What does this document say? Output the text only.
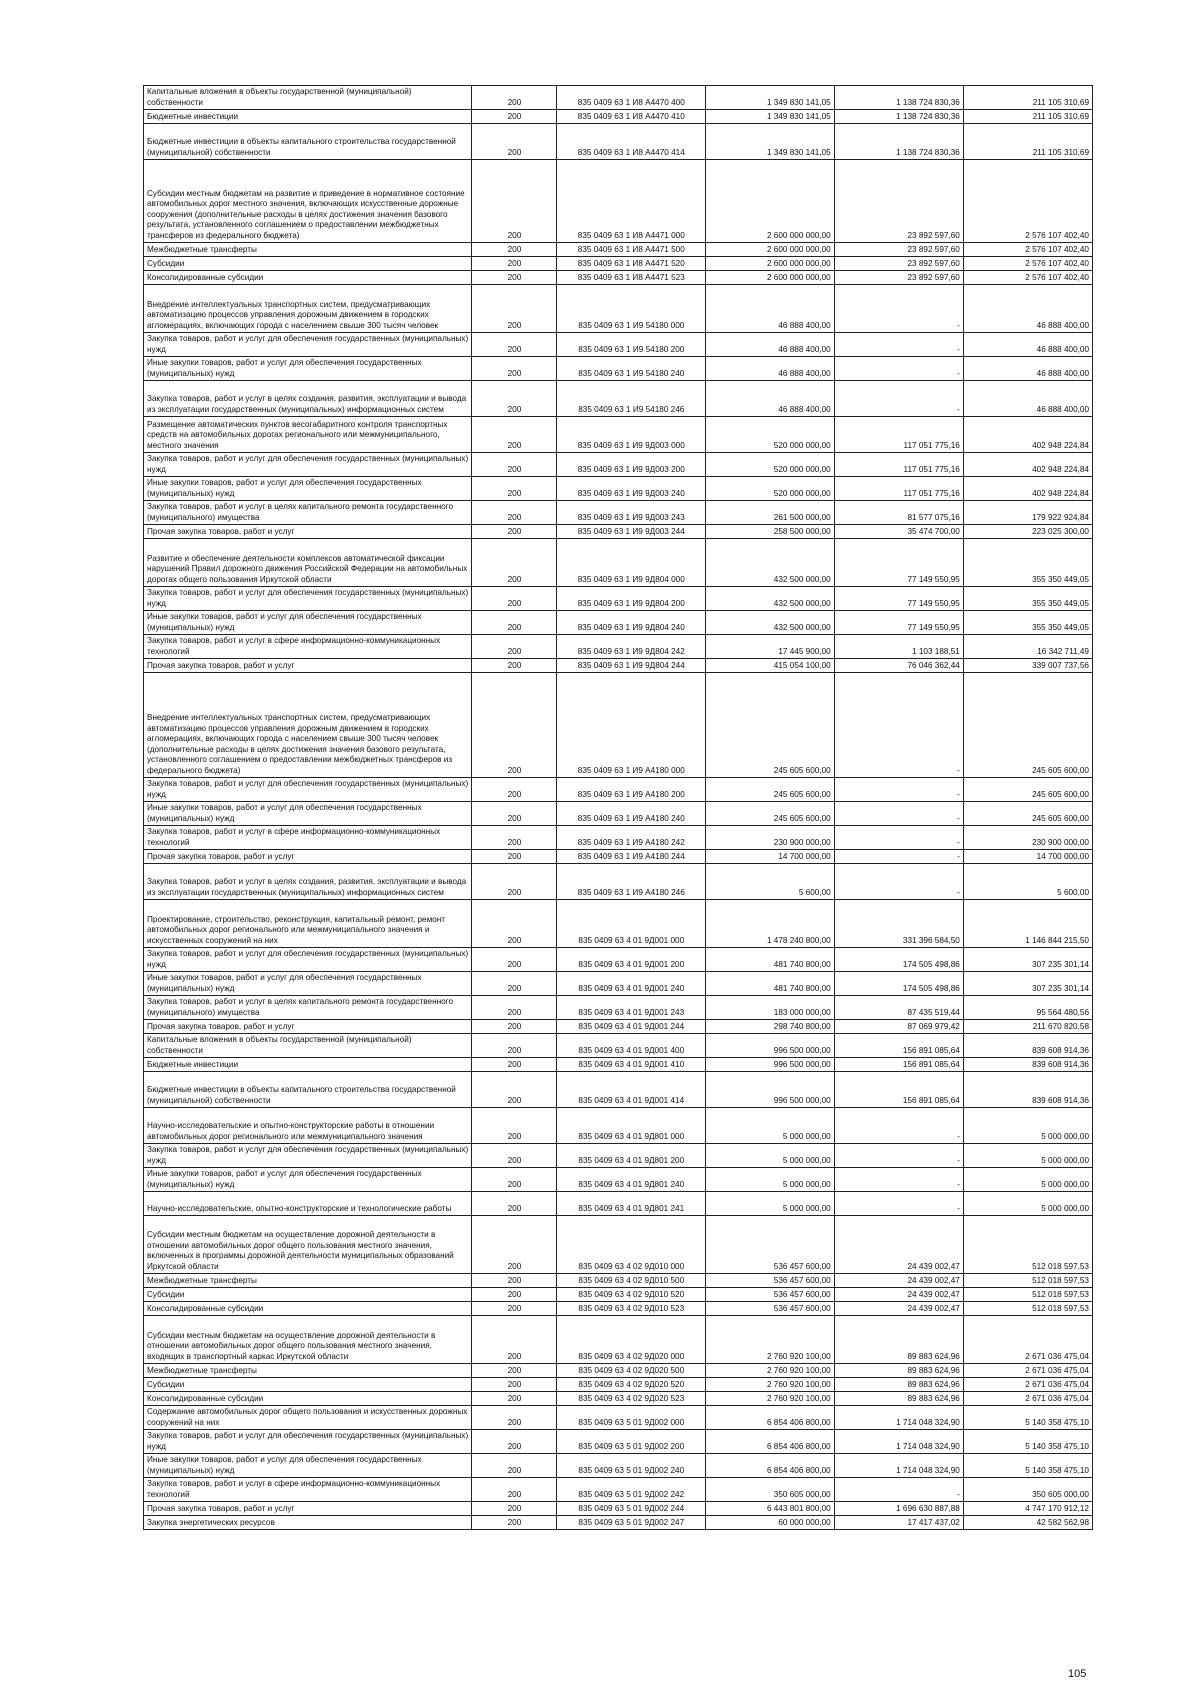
Капитальные вложения в объекты государственной (муниципальной) собственности	200	835 0409 63 1 И8 А4470 400	1 349 830 141,05	1 138 724 830,36	211 105 310,69
Бюджетные инвестиции	200	835 0409 63 1 И8 А4470 410	1 349 830 141,05	1 138 724 830,36	211 105 310,69
Бюджетные инвестиции в объекты капитального строительства государственной (муниципальной) собственности	200	835 0409 63 1 И8 А4470 414	1 349 830 141,05	1 138 724 830,36	211 105 310,69
Субсидии местным бюджетам на развитие и приведение в нормативное состояние автомобильных дорог местного значения, включающих искусственные дорожные сооружения (дополнительные расходы в целях достижения значения базового результата, установленного соглашением о предоставлении межбюджетных трансферов из федерального бюджета)	200	835 0409 63 1 И8 А4471 000	2 600 000 000,00	23 892 597,60	2 576 107 402,40
Межбюджетные трансферты	200	835 0409 63 1 И8 А4471 500	2 600 000 000,00	23 892 597,60	2 576 107 402,40
Субсидии	200	835 0409 63 1 И8 А4471 520	2 600 000 000,00	23 892 597,60	2 576 107 402,40
Консолидированные субсидии	200	835 0409 63 1 И8 А4471 523	2 600 000 000,00	23 892 597,60	2 576 107 402,40
Внедрение интеллектуальных транспортных систем, предусматривающих автоматизацию процессов управления дорожным движением в городских агломерациях, включающих города с населением свыше 300 тысяч человек	200	835 0409 63 1 И9 54180 000	46 888 400,00	-	46 888 400,00
Закупка товаров, работ и услуг для обеспечения государственных (муниципальных) нужд	200	835 0409 63 1 И9 54180 200	46 888 400,00	-	46 888 400,00
Иные закупки товаров, работ и услуг для обеспечения государственных (муниципальных) нужд	200	835 0409 63 1 И9 54180 240	46 888 400,00	-	46 888 400,00
Закупка товаров, работ и услуг в целях создания, развития, эксплуатации и вывода из эксплуатации государственных (муниципальных) информационных систем	200	835 0409 63 1 И9 54180 246	46 888 400,00	-	46 888 400,00
Размещение автоматических пунктов весогабаритного контроля транспортных средств на автомобильных дорогах регионального или межмуниципального, местного значения	200	835 0409 63 1 И9 9Д003 000	520 000 000,00	117 051 775,16	402 948 224,84
Закупка товаров, работ и услуг для обеспечения государственных (муниципальных) нужд	200	835 0409 63 1 И9 9Д003 200	520 000 000,00	117 051 775,16	402 948 224,84
Иные закупки товаров, работ и услуг для обеспечения государственных (муниципальных) нужд	200	835 0409 63 1 И9 9Д003 240	520 000 000,00	117 051 775,16	402 948 224,84
Закупка товаров, работ и услуг в целях капитального ремонта государственного (муниципального) имущества	200	835 0409 63 1 И9 9Д003 243	261 500 000,00	81 577 075,16	179 922 924,84
Прочая закупка товаров, работ и услуг	200	835 0409 63 1 И9 9Д003 244	258 500 000,00	35 474 700,00	223 025 300,00
Развитие и обеспечение деятельности комплексов автоматической фиксации нарушений Правил дорожного движения Российской Федерации на автомобильных дорогах общего пользования Иркутской области	200	835 0409 63 1 И9 9Д804 000	432 500 000,00	77 149 550,95	355 350 449,05
Закупка товаров, работ и услуг для обеспечения государственных (муниципальных) нужд	200	835 0409 63 1 И9 9Д804 200	432 500 000,00	77 149 550,95	355 350 449,05
Иные закупки товаров, работ и услуг для обеспечения государственных (муниципальных) нужд	200	835 0409 63 1 И9 9Д804 240	432 500 000,00	77 149 550,95	355 350 449,05
Закупка товаров, работ и услуг в сфере информационно-коммуникационных технологий	200	835 0409 63 1 И9 9Д804 242	17 445 900,00	1 103 188,51	16 342 711,49
Прочая закупка товаров, работ и услуг	200	835 0409 63 1 И9 9Д804 244	415 054 100,00	76 046 362,44	339 007 737,56
Внедрение интеллектуальных транспортных систем, предусматривающих автоматизацию процессов управления дорожным движением в городских агломерациях, включающих города с населением свыше 300 тысяч человек (дополнительные расходы в целях достижения значения базового результата, установленного соглашением о предоставлении межбюджетных трансферов из федерального бюджета)	200	835 0409 63 1 И9 А4180 000	245 605 600,00	-	245 605 600,00
Закупка товаров, работ и услуг для обеспечения государственных (муниципальных) нужд	200	835 0409 63 1 И9 А4180 200	245 605 600,00	-	245 605 600,00
Иные закупки товаров, работ и услуг для обеспечения государственных (муниципальных) нужд	200	835 0409 63 1 И9 А4180 240	245 605 600,00	-	245 605 600,00
Закупка товаров, работ и услуг в сфере информационно-коммуникационных технологий	200	835 0409 63 1 И9 А4180 242	230 900 000,00	-	230 900 000,00
Прочая закупка товаров, работ и услуг	200	835 0409 63 1 И9 А4180 244	14 700 000,00	-	14 700 000,00
Закупка товаров, работ и услуг в целях создания, развития, эксплуатации и вывода из эксплуатации государственных (муниципальных) информационных систем	200	835 0409 63 1 И9 А4180 246	5 600,00	-	5 600,00
Проектирование, строительство, реконструкция, капитальный ремонт, ремонт автомобильных дорог регионального или межмуниципального значения и искусственных сооружений на них	200	835 0409 63 4 01 9Д001 000	1 478 240 800,00	331 396 584,50	1 146 844 215,50
Закупка товаров, работ и услуг для обеспечения государственных (муниципальных) нужд	200	835 0409 63 4 01 9Д001 200	481 740 800,00	174 505 498,86	307 235 301,14
Иные закупки товаров, работ и услуг для обеспечения государственных (муниципальных) нужд	200	835 0409 63 4 01 9Д001 240	481 740 800,00	174 505 498,86	307 235 301,14
Закупка товаров, работ и услуг в целях капитального ремонта государственного (муниципального) имущества	200	835 0409 63 4 01 9Д001 243	183 000 000,00	87 435 519,44	95 564 480,56
Прочая закупка товаров, работ и услуг	200	835 0409 63 4 01 9Д001 244	298 740 800,00	87 069 979,42	211 670 820,58
Капитальные вложения в объекты государственной (муниципальной) собственности	200	835 0409 63 4 01 9Д001 400	996 500 000,00	156 891 085,64	839 608 914,36
Бюджетные инвестиции	200	835 0409 63 4 01 9Д001 410	996 500 000,00	156 891 085,64	839 608 914,36
Бюджетные инвестиции в объекты капитального строительства государственной (муниципальной) собственности	200	835 0409 63 4 01 9Д001 414	996 500 000,00	156 891 085,64	839 608 914,36
Научно-исследовательские и опытно-конструкторские работы в отношении автомобильных дорог регионального или межмуниципального значения	200	835 0409 63 4 01 9Д801 000	5 000 000,00	-	5 000 000,00
Закупка товаров, работ и услуг для обеспечения государственных (муниципальных) нужд	200	835 0409 63 4 01 9Д801 200	5 000 000,00	-	5 000 000,00
Иные закупки товаров, работ и услуг для обеспечения государственных (муниципальных) нужд	200	835 0409 63 4 01 9Д801 240	5 000 000,00	-	5 000 000,00
Научно-исследовательские, опытно-конструкторские и технологические работы	200	835 0409 63 4 01 9Д801 241	5 000 000,00	-	5 000 000,00
Субсидии местным бюджетам на осуществление дорожной деятельности в отношении автомобильных дорог общего пользования местного значения, включенных в программы дорожной деятельности муниципальных образований Иркутской области	200	835 0409 63 4 02 9Д010 000	536 457 600,00	24 439 002,47	512 018 597,53
Межбюджетные трансферты	200	835 0409 63 4 02 9Д010 500	536 457 600,00	24 439 002,47	512 018 597,53
Субсидии	200	835 0409 63 4 02 9Д010 520	536 457 600,00	24 439 002,47	512 018 597,53
Консолидированные субсидии	200	835 0409 63 4 02 9Д010 523	536 457 600,00	24 439 002,47	512 018 597,53
Субсидии местным бюджетам на осуществление дорожной деятельности в отношении автомобильных дорог общего пользования местного значения, входящих в транспортный каркас Иркутской области	200	835 0409 63 4 02 9Д020 000	2 760 920 100,00	89 883 624,96	2 671 036 475,04
Межбюджетные трансферты	200	835 0409 63 4 02 9Д020 500	2 760 920 100,00	89 883 624,96	2 671 036 475,04
Субсидии	200	835 0409 63 4 02 9Д020 520	2 760 920 100,00	89 883 624,96	2 671 036 475,04
Консолидированные субсидии	200	835 0409 63 4 02 9Д020 523	2 760 920 100,00	89 883 624,96	2 671 036 475,04
Содержание автомобильных дорог общего пользования и искусственных дорожных сооружений на них	200	835 0409 63 5 01 9Д002 000	6 854 406 800,00	1 714 048 324,90	5 140 358 475,10
Закупка товаров, работ и услуг для обеспечения государственных (муниципальных) нужд	200	835 0409 63 5 01 9Д002 200	6 854 406 800,00	1 714 048 324,90	5 140 358 475,10
Иные закупки товаров, работ и услуг для обеспечения государственных (муниципальных) нужд	200	835 0409 63 5 01 9Д002 240	6 854 406 800,00	1 714 048 324,90	5 140 358 475,10
Закупка товаров, работ и услуг в сфере информационно-коммуникационных технологий	200	835 0409 63 5 01 9Д002 242	350 605 000,00	-	350 605 000,00
Прочая закупка товаров, работ и услуг	200	835 0409 63 5 01 9Д002 244	6 443 801 800,00	1 696 630 887,88	4 747 170 912,12
Закупка энергетических ресурсов	200	835 0409 63 5 01 9Д002 247	60 000 000,00	17 417 437,02	42 582 562,98
105
